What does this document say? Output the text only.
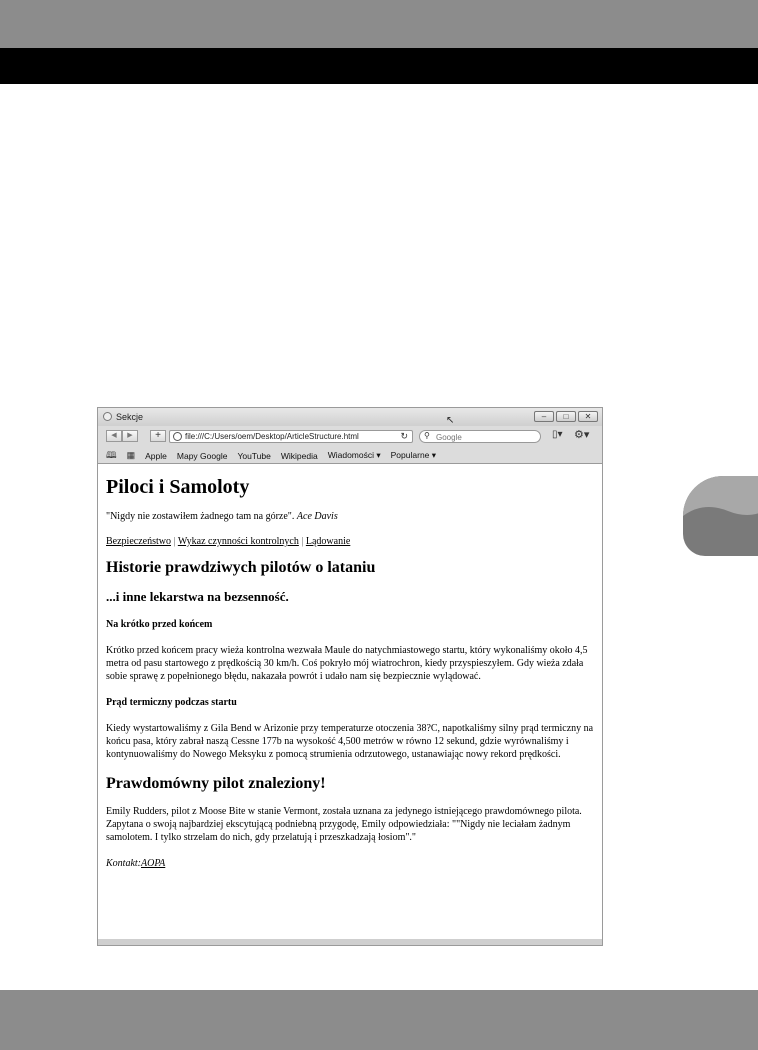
Sekcje	↖	–	□	✕
◀	▶	+	file:///C:/Users/oem/Desktop/ArticleStructure.html	↻ ⚲
Google	▯▾ ⚙▾
🕮 ▦ Apple Mapy Google YouTube Wikipedia Wiadomości ▾ Popularne ▾
Piloci i Samoloty
"Nigdy nie zostawiłem żadnego tam na górze". Ace Davis
Bezpieczeństwo | Wykaz czynności kontrolnych | Lądowanie
Historie prawdziwych pilotów o lataniu
...i inne lekarstwa na bezsenność.
Na krótko przed końcem

Krótko przed końcem pracy wieża kontrolna wezwała Maule do natychmiastowego startu, który wykonaliśmy około 4,5 metra od pasu startowego z prędkością 30 km/h. Coś pokryło mój wiatrochron, kiedy przyspieszyłem. Gdy wieża zdała sobie sprawę z popełnionego błędu, nakazała powrót i udało nam się bezpiecznie wylądować.

Prąd termiczny podczas startu

Kiedy wystartowaliśmy z Gila Bend w Arizonie przy temperaturze otoczenia 38?C, napotkaliśmy silny prąd termiczny na końcu pasa, który zabrał naszą Cessne 177b na wysokość 4,500 metrów w równo 12 sekund, gdzie wyrównaliśmy i kontynuowaliśmy do Nowego Meksyku z pomocą strumienia odrzutowego, ustanawiając nowy rekord prędkości.

Prawdomówny pilot znaleziony!

Emily Rudders, pilot z Moose Bite w stanie Vermont, została uznana za jedynego istniejącego prawdomównego pilota. Zapytana o swoją najbardziej ekscytującą podniebną przygodę, Emily odpowiedziała: ""Nigdy nie leciałam żadnym samolotem. I tylko strzelam do nich, gdy przelatują i przeszkadzają łosiom"."

Kontakt:AOPA
